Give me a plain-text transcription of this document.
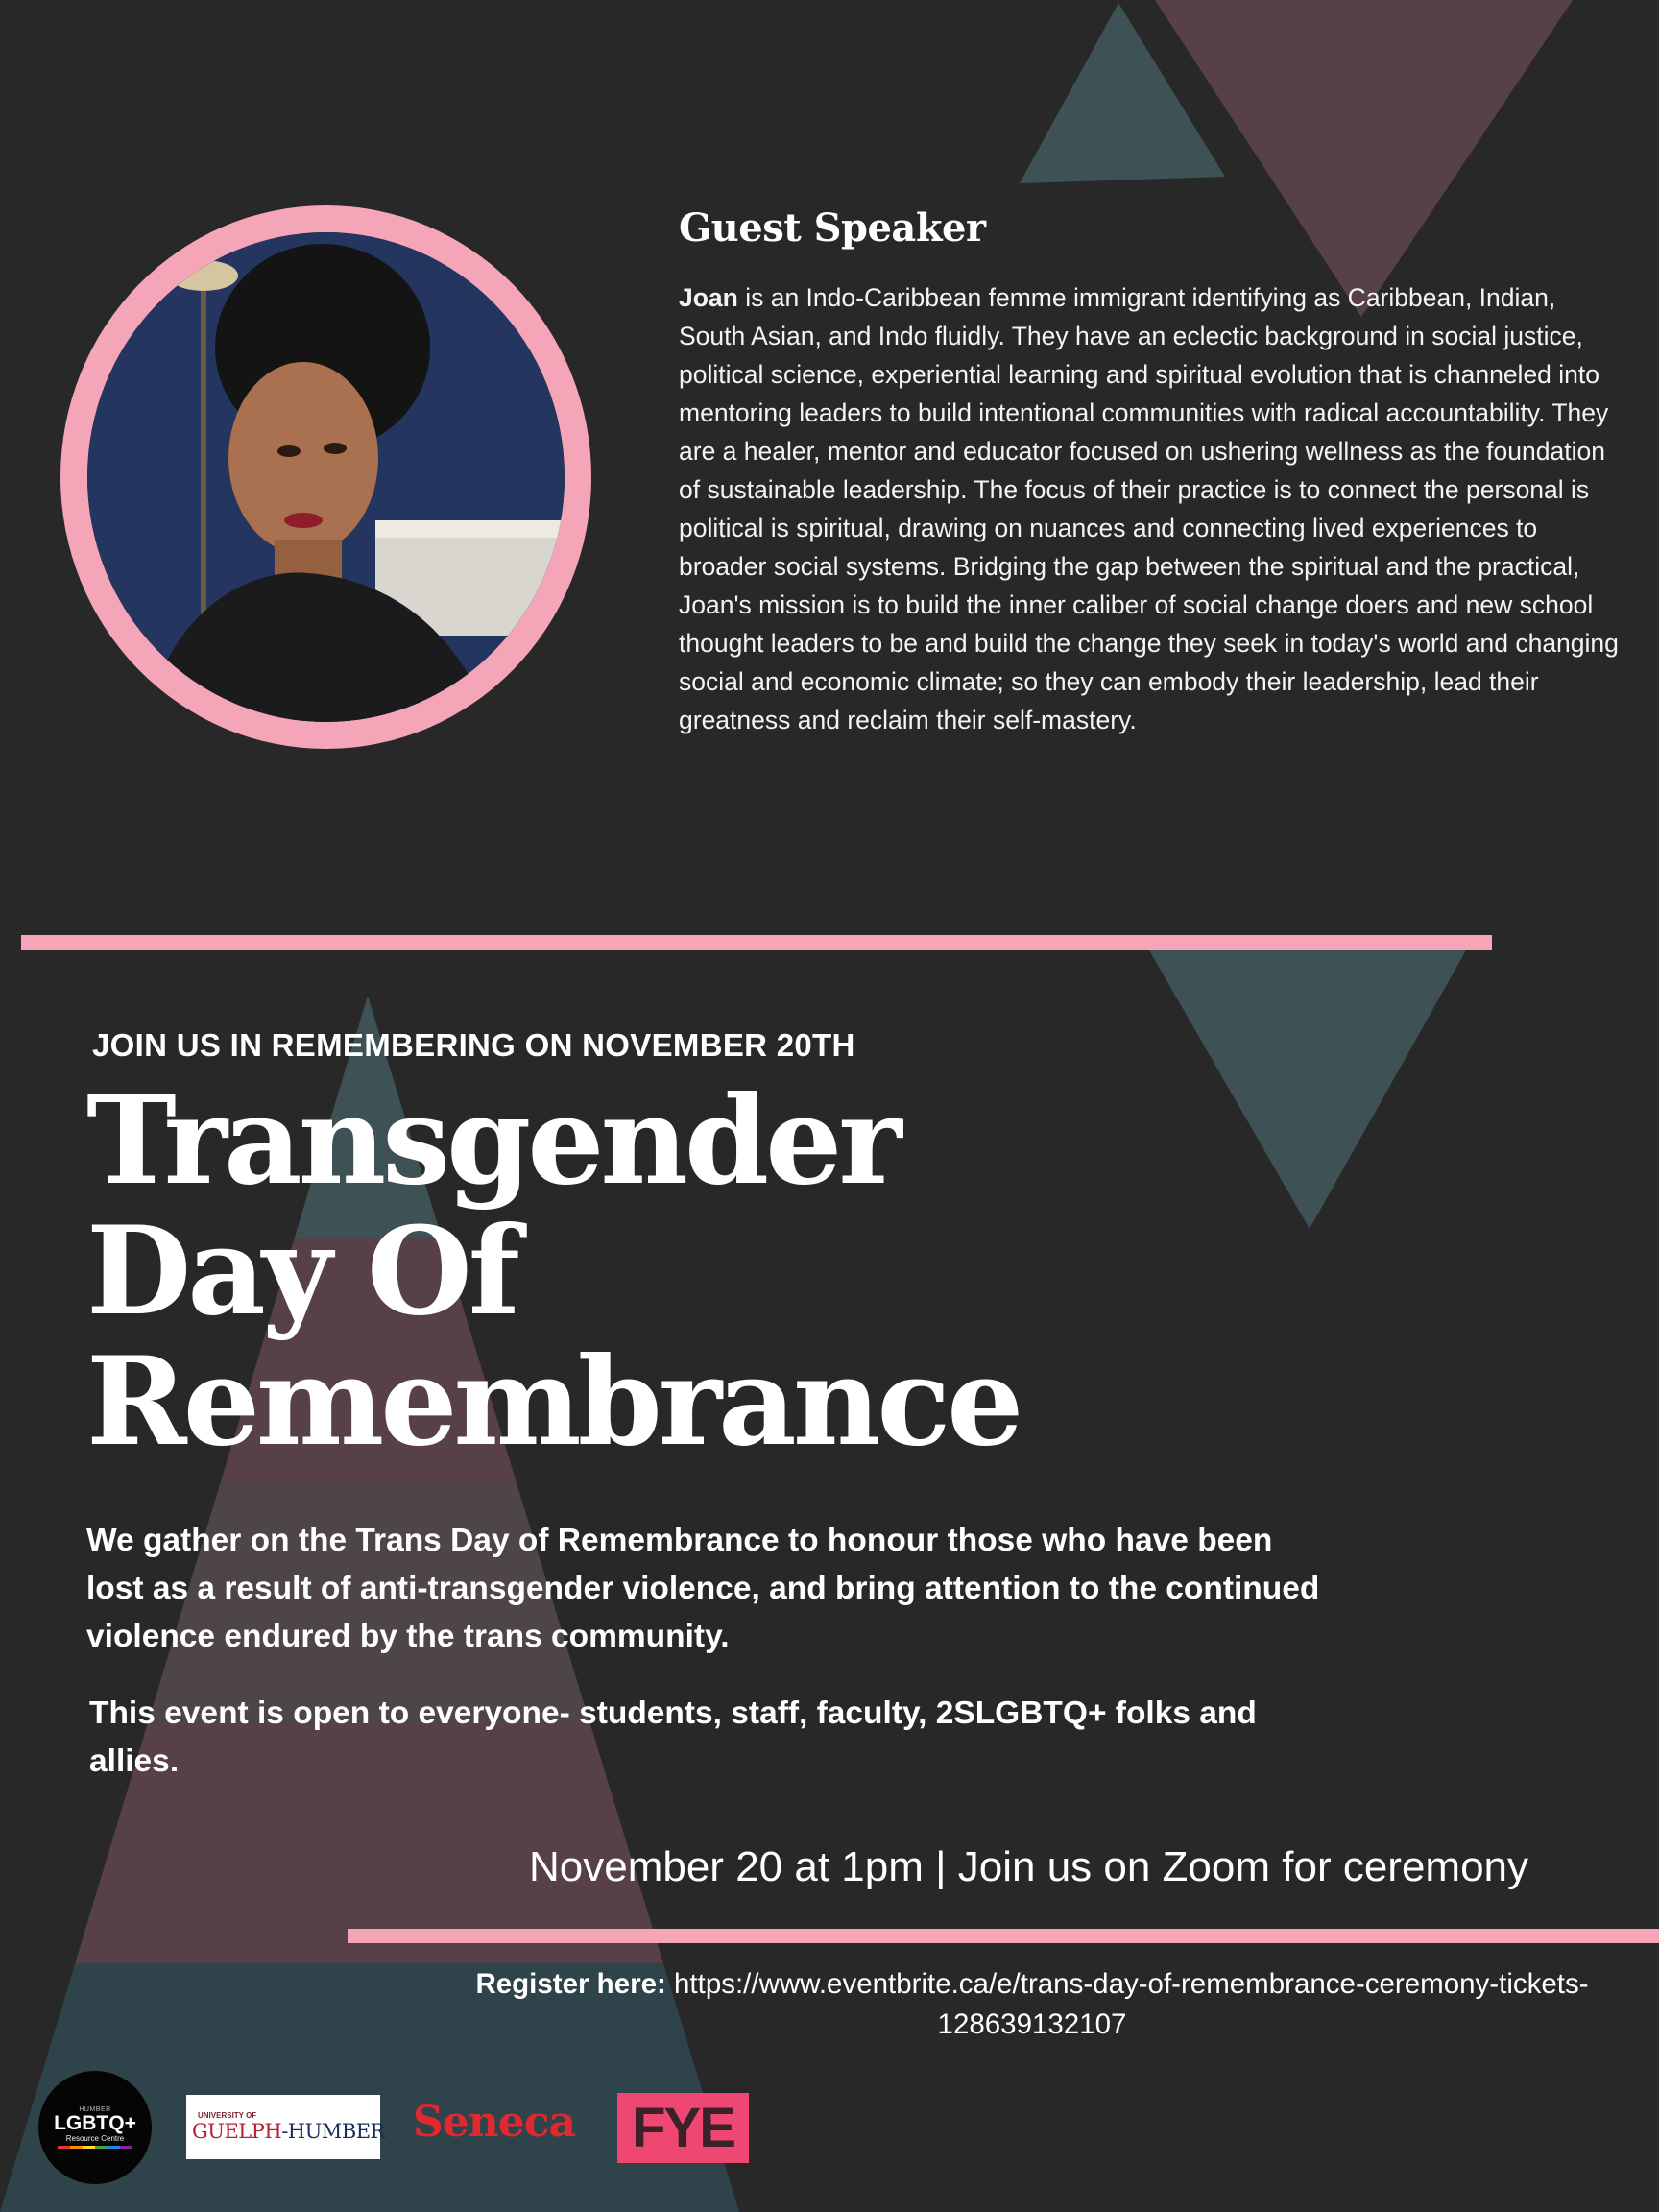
Guest Speaker

Joan is an Indo-Caribbean femme immigrant identifying as Caribbean, Indian, South Asian, and Indo fluidly. They have an eclectic background in social justice, political science, experiential learning and spiritual evolution that is channeled into mentoring leaders to build intentional communities with radical accountability. They are a healer, mentor and educator focused on ushering wellness as the foundation of sustainable leadership. The focus of their practice is to connect the personal is political is spiritual, drawing on nuances and connecting lived experiences to broader social systems. Bridging the gap between the spiritual and the practical, Joan's mission is to build the inner caliber of social change doers and new school thought leaders to be and build the change they seek in today's world and changing social and economic climate; so they can embody their leadership, lead their greatness and reclaim their self-mastery.

JOIN US IN REMEMBERING ON NOVEMBER 20TH

Transgender
Day Of
Remembrance

We gather on the Trans Day of Remembrance to honour those who have been lost as a result of anti-transgender violence, and bring attention to the continued violence endured by the trans community.

This event is open to everyone- students, staff, faculty, 2SLGBTQ+ folks and allies.

November 20 at 1pm | Join us on Zoom for ceremony

Register here: https://www.eventbrite.ca/e/trans-day-of-remembrance-ceremony-tickets-128639132107

HUMBER
LGBTQ+
Resource Centre
UNIVERSITY OF
GUELPH-HUMBER Seneca FYE
